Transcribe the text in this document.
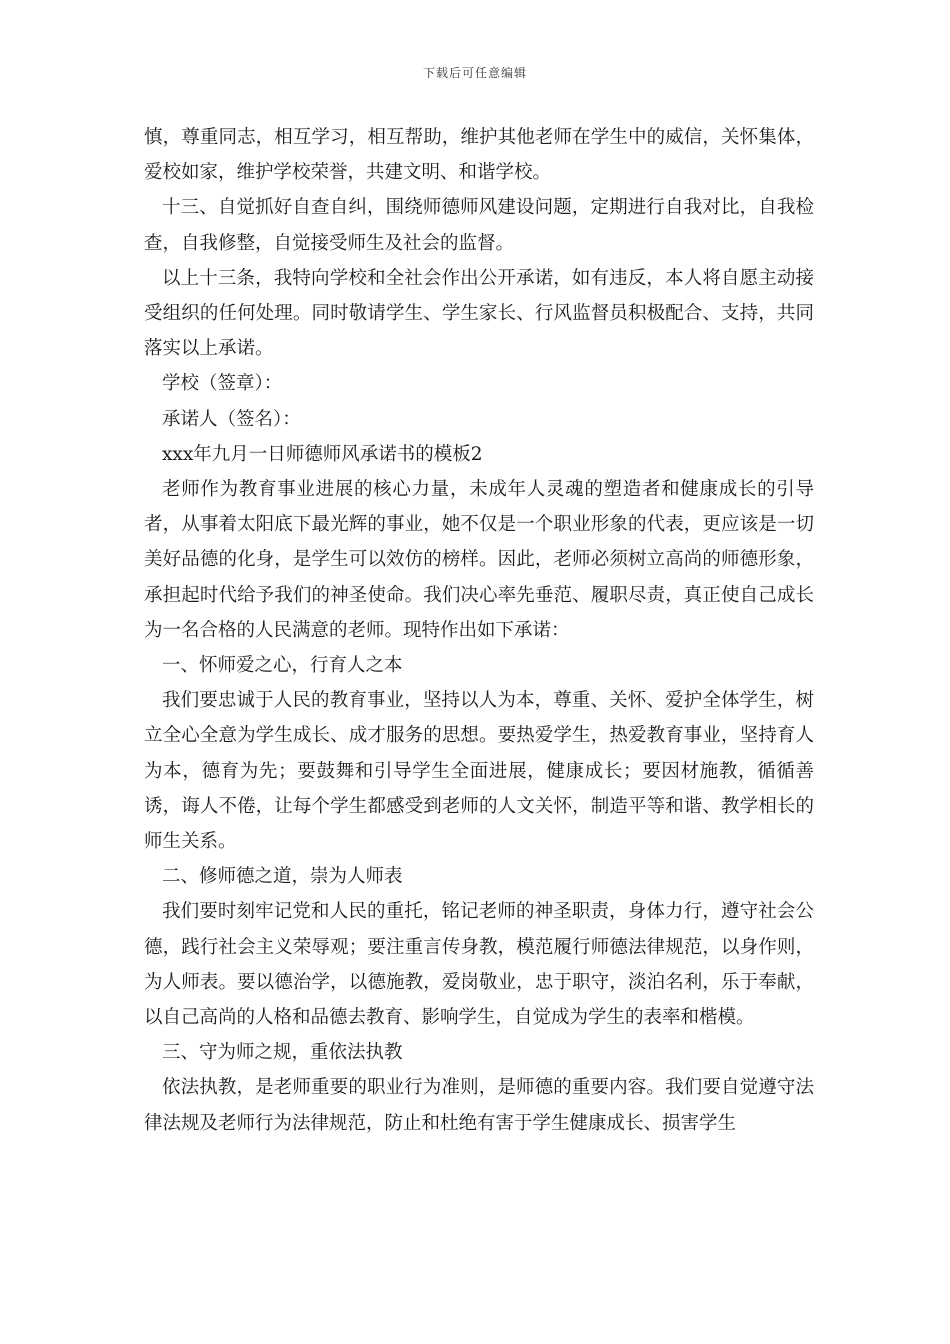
下载后可任意编辑

慎，尊重同志，相互学习，相互帮助，维护其他老师在学生中的威信，关怀集体，爱校如家，维护学校荣誉，共建文明、和谐学校。

十三、自觉抓好自查自纠，围绕师德师风建设问题，定期进行自我对比，自我检查，自我修整，自觉接受师生及社会的监督。

以上十三条，我特向学校和全社会作出公开承诺，如有违反，本人将自愿主动接受组织的任何处理。同时敬请学生、学生家长、行风监督员积极配合、支持，共同落实以上承诺。

学校（签章）：

承诺人（签名）：

xxx年九月一日师德师风承诺书的模板2

老师作为教育事业进展的核心力量，未成年人灵魂的塑造者和健康成长的引导者，从事着太阳底下最光辉的事业，她不仅是一个职业形象的代表，更应该是一切美好品德的化身，是学生可以效仿的榜样。因此，老师必须树立高尚的师德形象，承担起时代给予我们的神圣使命。我们决心率先垂范、履职尽责，真正使自己成长为一名合格的人民满意的老师。现特作出如下承诺：

一、怀师爱之心，行育人之本

我们要忠诚于人民的教育事业，坚持以人为本，尊重、关怀、爱护全体学生，树立全心全意为学生成长、成才服务的思想。要热爱学生，热爱教育事业，坚持育人为本，德育为先；要鼓舞和引导学生全面进展，健康成长；要因材施教，循循善诱，诲人不倦，让每个学生都感受到老师的人文关怀，制造平等和谐、教学相长的师生关系。

二、修师德之道，崇为人师表

我们要时刻牢记党和人民的重托，铭记老师的神圣职责，身体力行，遵守社会公德，践行社会主义荣辱观；要注重言传身教，模范履行师德法律规范，以身作则，为人师表。要以德治学，以德施教，爱岗敬业，忠于职守，淡泊名利，乐于奉献，以自己高尚的人格和品德去教育、影响学生，自觉成为学生的表率和楷模。

三、守为师之规，重依法执教

依法执教，是老师重要的职业行为准则，是师德的重要内容。我们要自觉遵守法律法规及老师行为法律规范，防止和杜绝有害于学生健康成长、损害学生
